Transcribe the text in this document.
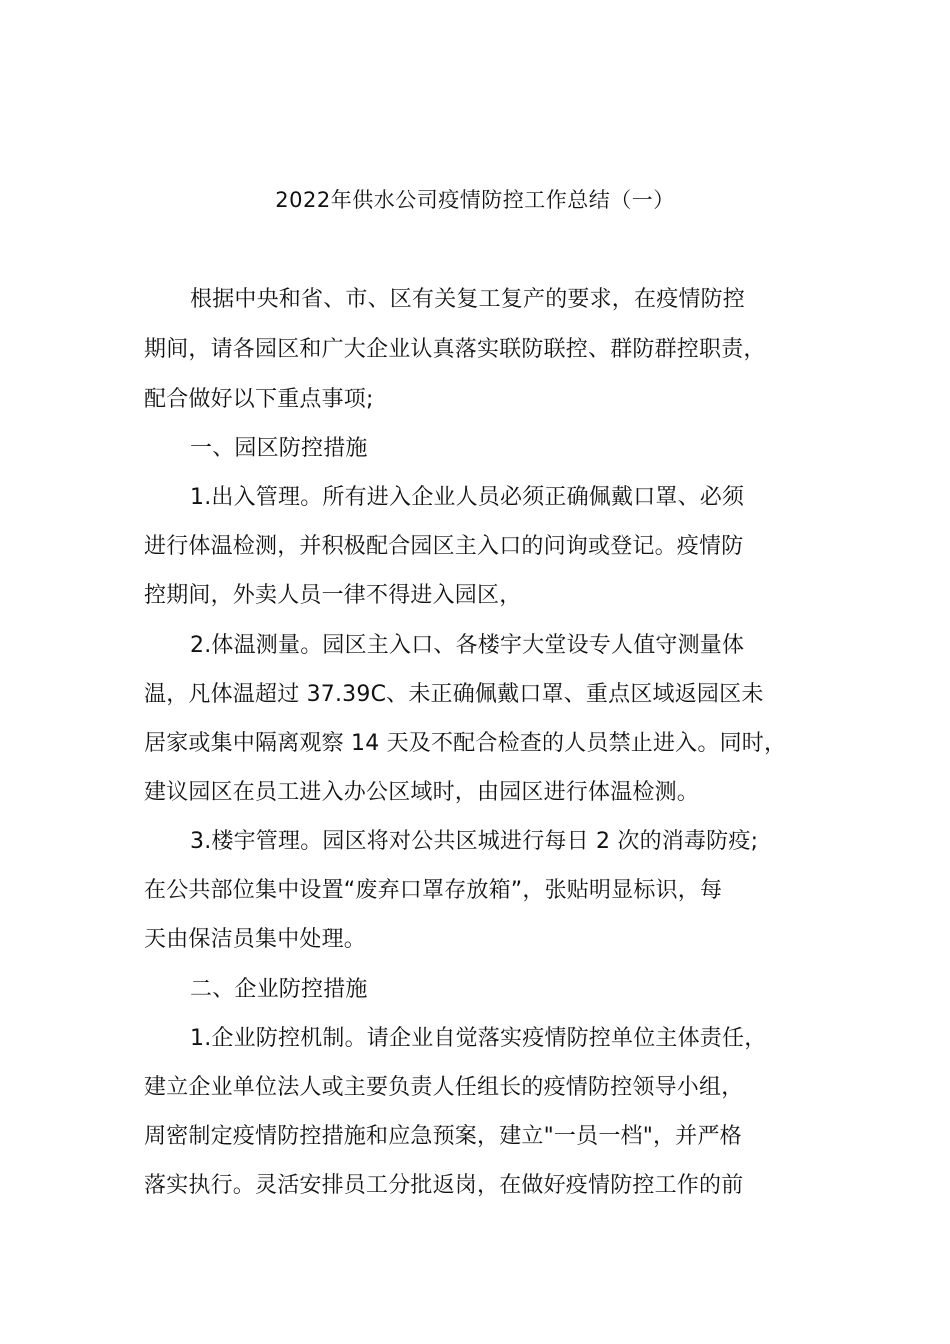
2022年供水公司疫情防控工作总结（一）
根据中央和省、市、区有关复工复产的要求，在疫情防控
期间，请各园区和广大企业认真落实联防联控、群防群控职责，
配合做好以下重点事项;
一、园区防控措施
1.出入管理。所有进入企业人员必须正确佩戴口罩、必须
进行体温检测，并积极配合园区主入口的问询或登记。疫情防
控期间，外卖人员一律不得进入园区，
2.体温测量。园区主入口、各楼宇大堂设专人值守测量体
温，凡体温超过 37.39C、未正确佩戴口罩、重点区域返园区未
居家或集中隔离观察 14 天及不配合检查的人员禁止进入。同时，
建议园区在员工进入办公区域时，由园区进行体温检测。
3.楼宇管理。园区将对公共区城进行每日 2 次的消毒防疫;
在公共部位集中设置“废弃口罩存放箱”，张贴明显标识，每
天由保洁员集中处理。
二、企业防控措施
1.企业防控机制。请企业自觉落实疫情防控单位主体责任，
建立企业单位法人或主要负责人任组长的疫情防控领导小组，
周密制定疫情防控措施和应急预案，建立"一员一档"，并严格
落实执行。灵活安排员工分批返岗，在做好疫情防控工作的前
